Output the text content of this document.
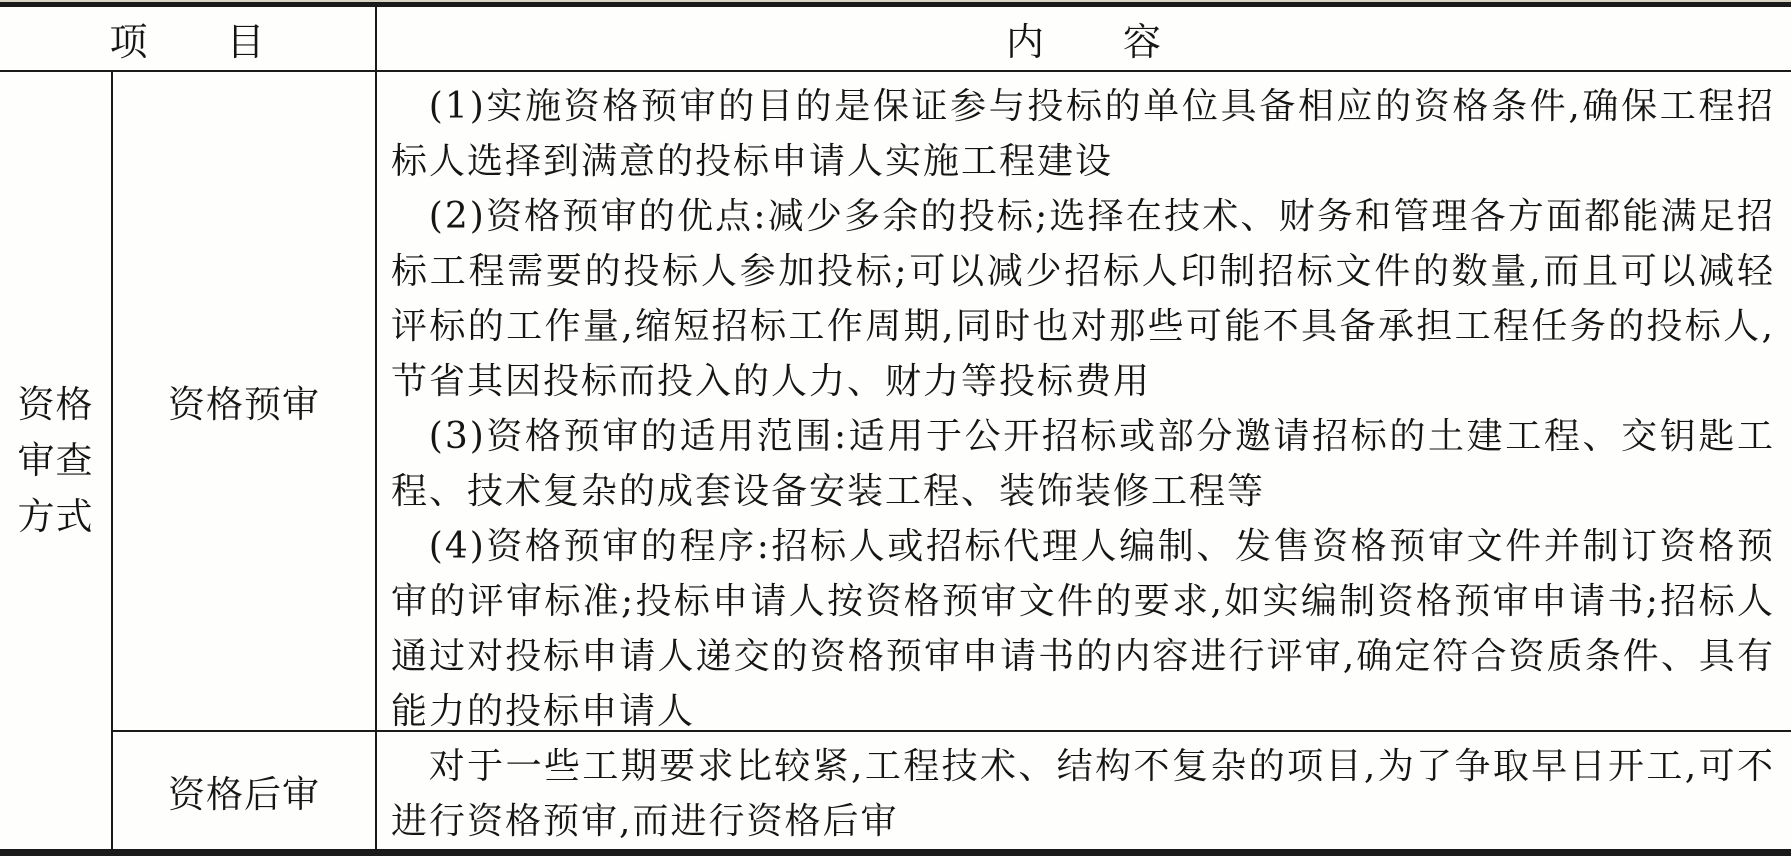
项　　目	内　　容
资格
审查
方式
资格预审

(1)实施资格预审的目的是保证参与投标的单位具备相应的资格条件,确保工程招标人选择到满意的投标申请人实施工程建设

(2)资格预审的优点:减少多余的投标;选择在技术、财务和管理各方面都能满足招标工程需要的投标人参加投标;可以减少招标人印制招标文件的数量,而且可以减轻评标的工作量,缩短招标工作周期,同时也对那些可能不具备承担工程任务的投标人,节省其因投标而投入的人力、财力等投标费用

(3)资格预审的适用范围:适用于公开招标或部分邀请招标的土建工程、交钥匙工程、技术复杂的成套设备安装工程、装饰装修工程等

(4)资格预审的程序:招标人或招标代理人编制、发售资格预审文件并制订资格预审的评审标准;投标申请人按资格预审文件的要求,如实编制资格预审申请书;招标人通过对投标申请人递交的资格预审申请书的内容进行评审,确定符合资质条件、具有能力的投标申请人

资格后审

对于一些工期要求比较紧,工程技术、结构不复杂的项目,为了争取早日开工,可不进行资格预审,而进行资格后审
